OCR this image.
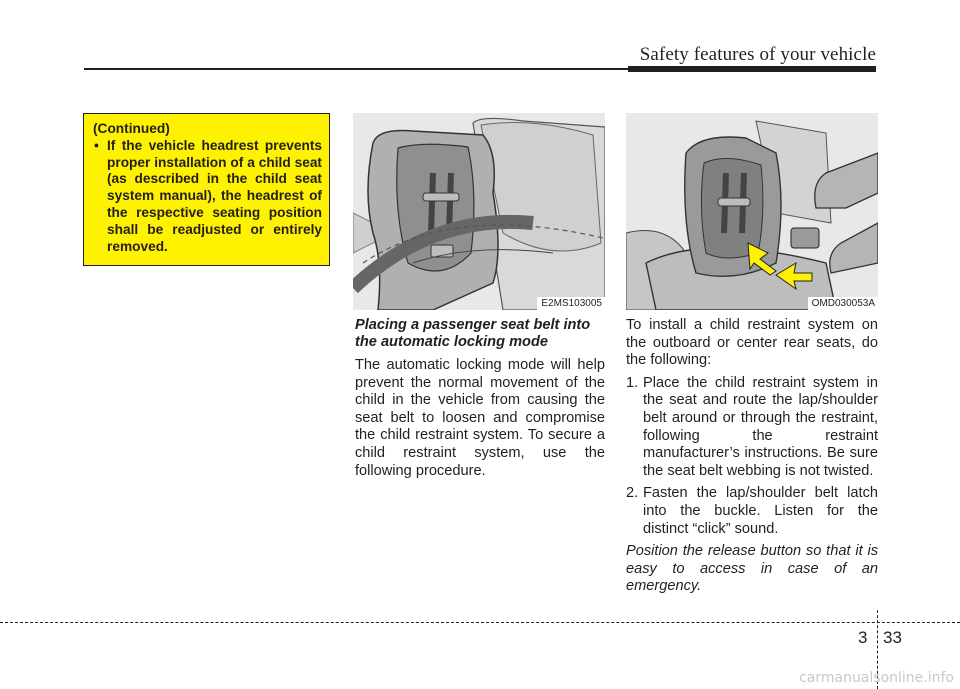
Safety features of your vehicle
(Continued)
• If the vehicle headrest prevents proper installation of a child seat (as described in the child seat system manual), the headrest of the respective seating position shall be readjusted or entirely removed.
E2MS103005	OMD030053A

Placing a passenger seat belt into the automatic locking mode

The automatic locking mode will help prevent the normal movement of the child in the vehicle from causing the seat belt to loosen and compromise the child restraint system. To secure a child restraint system, use the following procedure.

To install a child restraint system on the outboard or center rear seats, do the following:

1. Place the child restraint system in the seat and route the lap/shoulder belt around or through the restraint, following the restraint manufacturer’s instructions. Be sure the seat belt webbing is not twisted.
2. Fasten the lap/shoulder belt latch into the buckle. Listen for the distinct “click” sound.

Position the release button so that it is easy to access in case of an emergency.

3 33
carmanualsonline.info
